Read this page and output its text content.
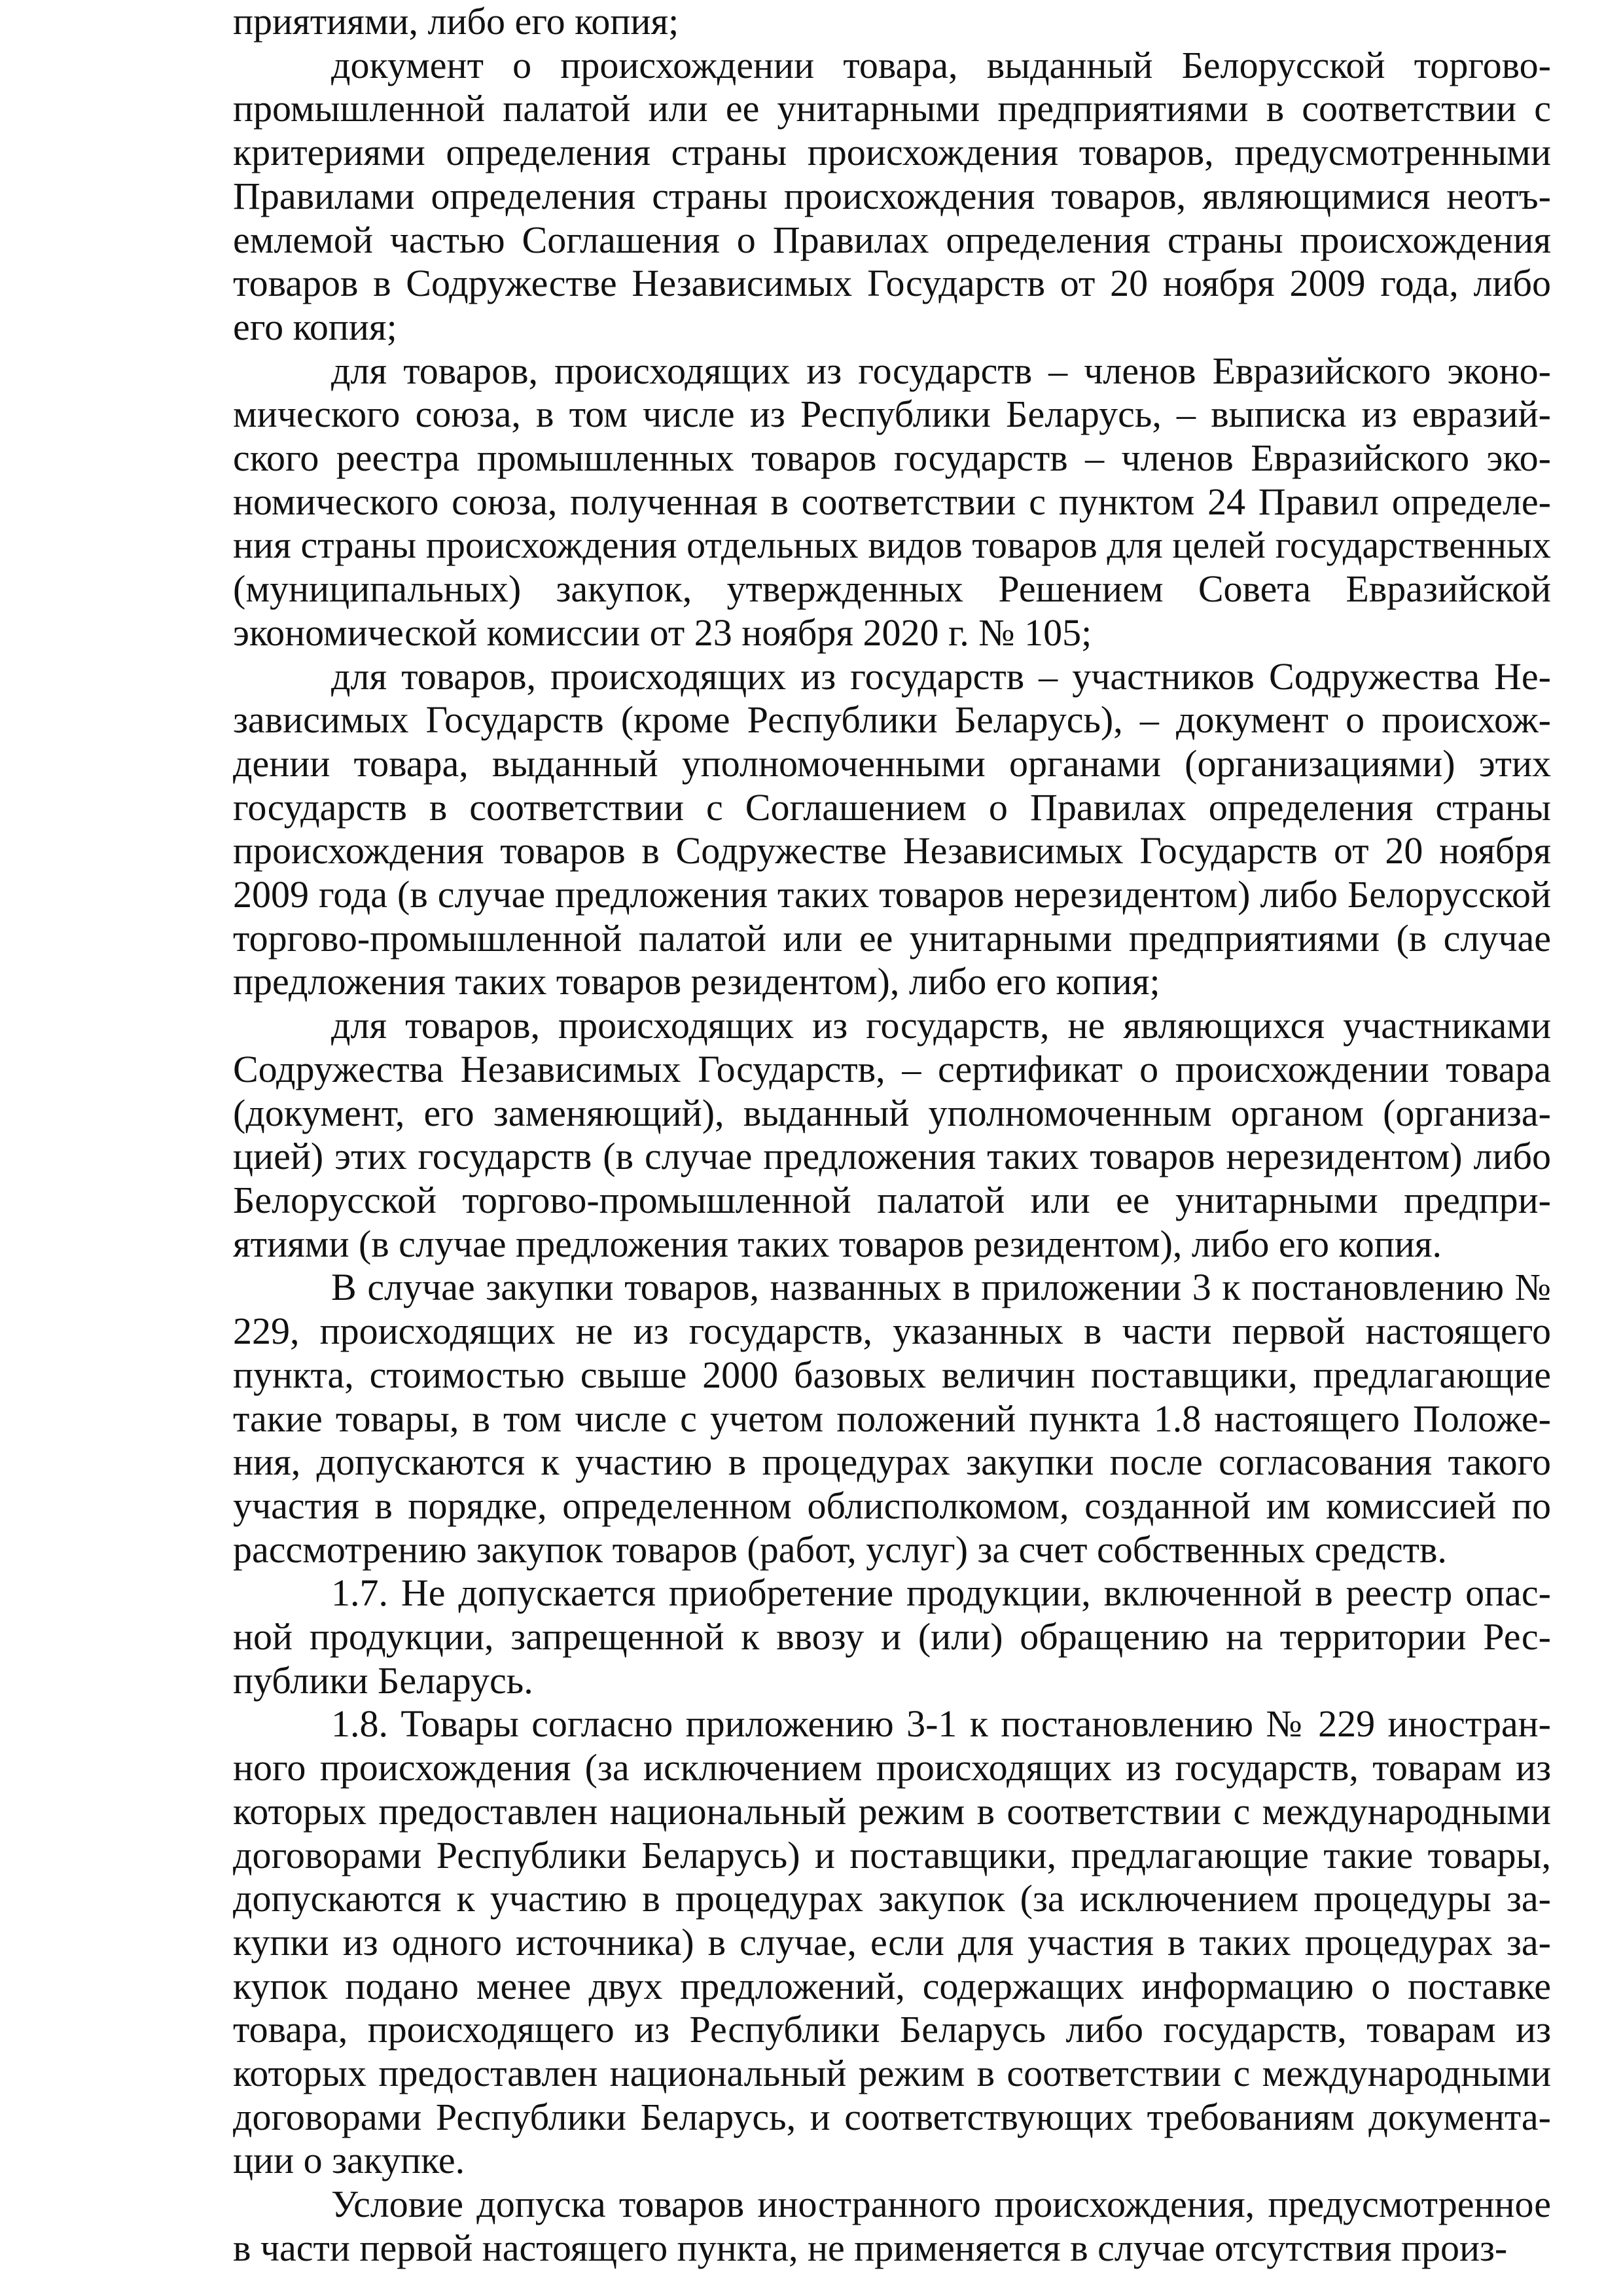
приятиями, либо его копия;

документ о происхождении товара, выданный Белорусской торгово-промышленной палатой или ее унитарными предприятиями в соответствии с критериями определения страны происхождения товаров, предусмотренными Правилами определения страны происхождения товаров, являющимися неотъемлемой частью Соглашения о Правилах определения страны происхождения товаров в Содружестве Независимых Государств от 20 ноября 2009 года, либо его копия;

для товаров, происходящих из государств – членов Евразийского экономического союза, в том числе из Республики Беларусь, – выписка из евразийского реестра промышленных товаров государств – членов Евразийского экономического союза, полученная в соответствии с пунктом 24 Правил определения страны происхождения отдельных видов товаров для целей государственных (муниципальных) закупок, утвержденных Решением Совета Евразийской экономической комиссии от 23 ноября 2020 г. № 105;

для товаров, происходящих из государств – участников Содружества Независимых Государств (кроме Республики Беларусь), – документ о происхождении товара, выданный уполномоченными органами (организациями) этих государств в соответствии с Соглашением о Правилах определения страны происхождения товаров в Содружестве Независимых Государств от 20 ноября 2009 года (в случае предложения таких товаров нерезидентом) либо Белорусской торгово-промышленной палатой или ее унитарными предприятиями (в случае предложения таких товаров резидентом), либо его копия;

для товаров, происходящих из государств, не являющихся участниками Содружества Независимых Государств, – сертификат о происхождении товара (документ, его заменяющий), выданный уполномоченным органом (организацией) этих государств (в случае предложения таких товаров нерезидентом) либо Белорусской торгово-промышленной палатой или ее унитарными предприятиями (в случае предложения таких товаров резидентом), либо его копия.

В случае закупки товаров, названных в приложении 3 к постановлению № 229, происходящих не из государств, указанных в части первой настоящего пункта, стоимостью свыше 2000 базовых величин поставщики, предлагающие такие товары, в том числе с учетом положений пункта 1.8 настоящего Положения, допускаются к участию в процедурах закупки после согласования такого участия в порядке, определенном облисполкомом, созданной им комиссией по рассмотрению закупок товаров (работ, услуг) за счет собственных средств.

1.7. Не допускается приобретение продукции, включенной в реестр опасной продукции, запрещенной к ввозу и (или) обращению на территории Республики Беларусь.

1.8. Товары согласно приложению 3-1 к постановлению № 229 иностранного происхождения (за исключением происходящих из государств, товарам из которых предоставлен национальный режим в соответствии с международными договорами Республики Беларусь) и поставщики, предлагающие такие товары, допускаются к участию в процедурах закупок (за исключением процедуры закупки из одного источника) в случае, если для участия в таких процедурах закупок подано менее двух предложений, содержащих информацию о поставке товара, происходящего из Республики Беларусь либо государств, товарам из которых предоставлен национальный режим в соответствии с международными договорами Республики Беларусь, и соответствующих требованиям документации о закупке.

Условие допуска товаров иностранного происхождения, предусмотренное в части первой настоящего пункта, не применяется в случае отсутствия произ-
